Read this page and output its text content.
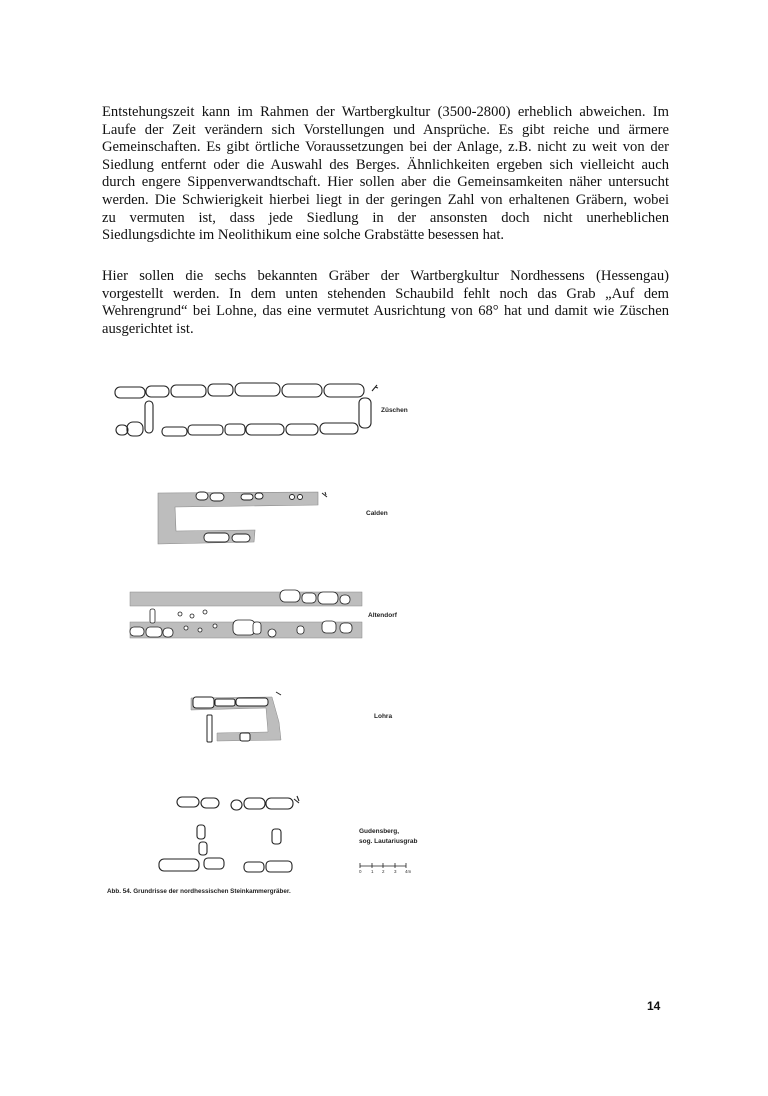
Entstehungszeit kann im Rahmen der Wartbergkultur (3500-2800) erheblich abweichen. Im
Laufe der Zeit verändern sich Vorstellungen und Ansprüche. Es gibt reiche und ärmere
Gemeinschaften. Es gibt örtliche Voraussetzungen bei der Anlage, z.B. nicht zu weit von der
Siedlung entfernt oder die Auswahl des Berges. Ähnlichkeiten ergeben sich vielleicht auch
durch engere Sippenverwandtschaft. Hier sollen aber die Gemeinsamkeiten näher untersucht
werden. Die Schwierigkeit hierbei liegt in der geringen Zahl von erhaltenen Gräbern, wobei
zu vermuten ist, dass jede Siedlung in der ansonsten doch nicht unerheblichen
Siedlungsdichte im Neolithikum eine solche Grabstätte besessen hat.
Hier sollen die sechs bekannten Gräber der Wartbergkultur Nordhessens (Hessengau)
vorgestellt werden. In dem unten stehenden Schaubild fehlt noch das Grab „Auf dem
Wehrengrund“ bei Lohne, das eine vermutet Ausrichtung von 68° hat und damit wie Züschen
ausgerichtet ist.
Züschen
Calden
Altendorf
Lohra
Gudensberg,
sog. Lautariusgrab
0 1 2 3 4m
Abb. 54. Grundrisse der nordhessischen Steinkammergräber.
14
